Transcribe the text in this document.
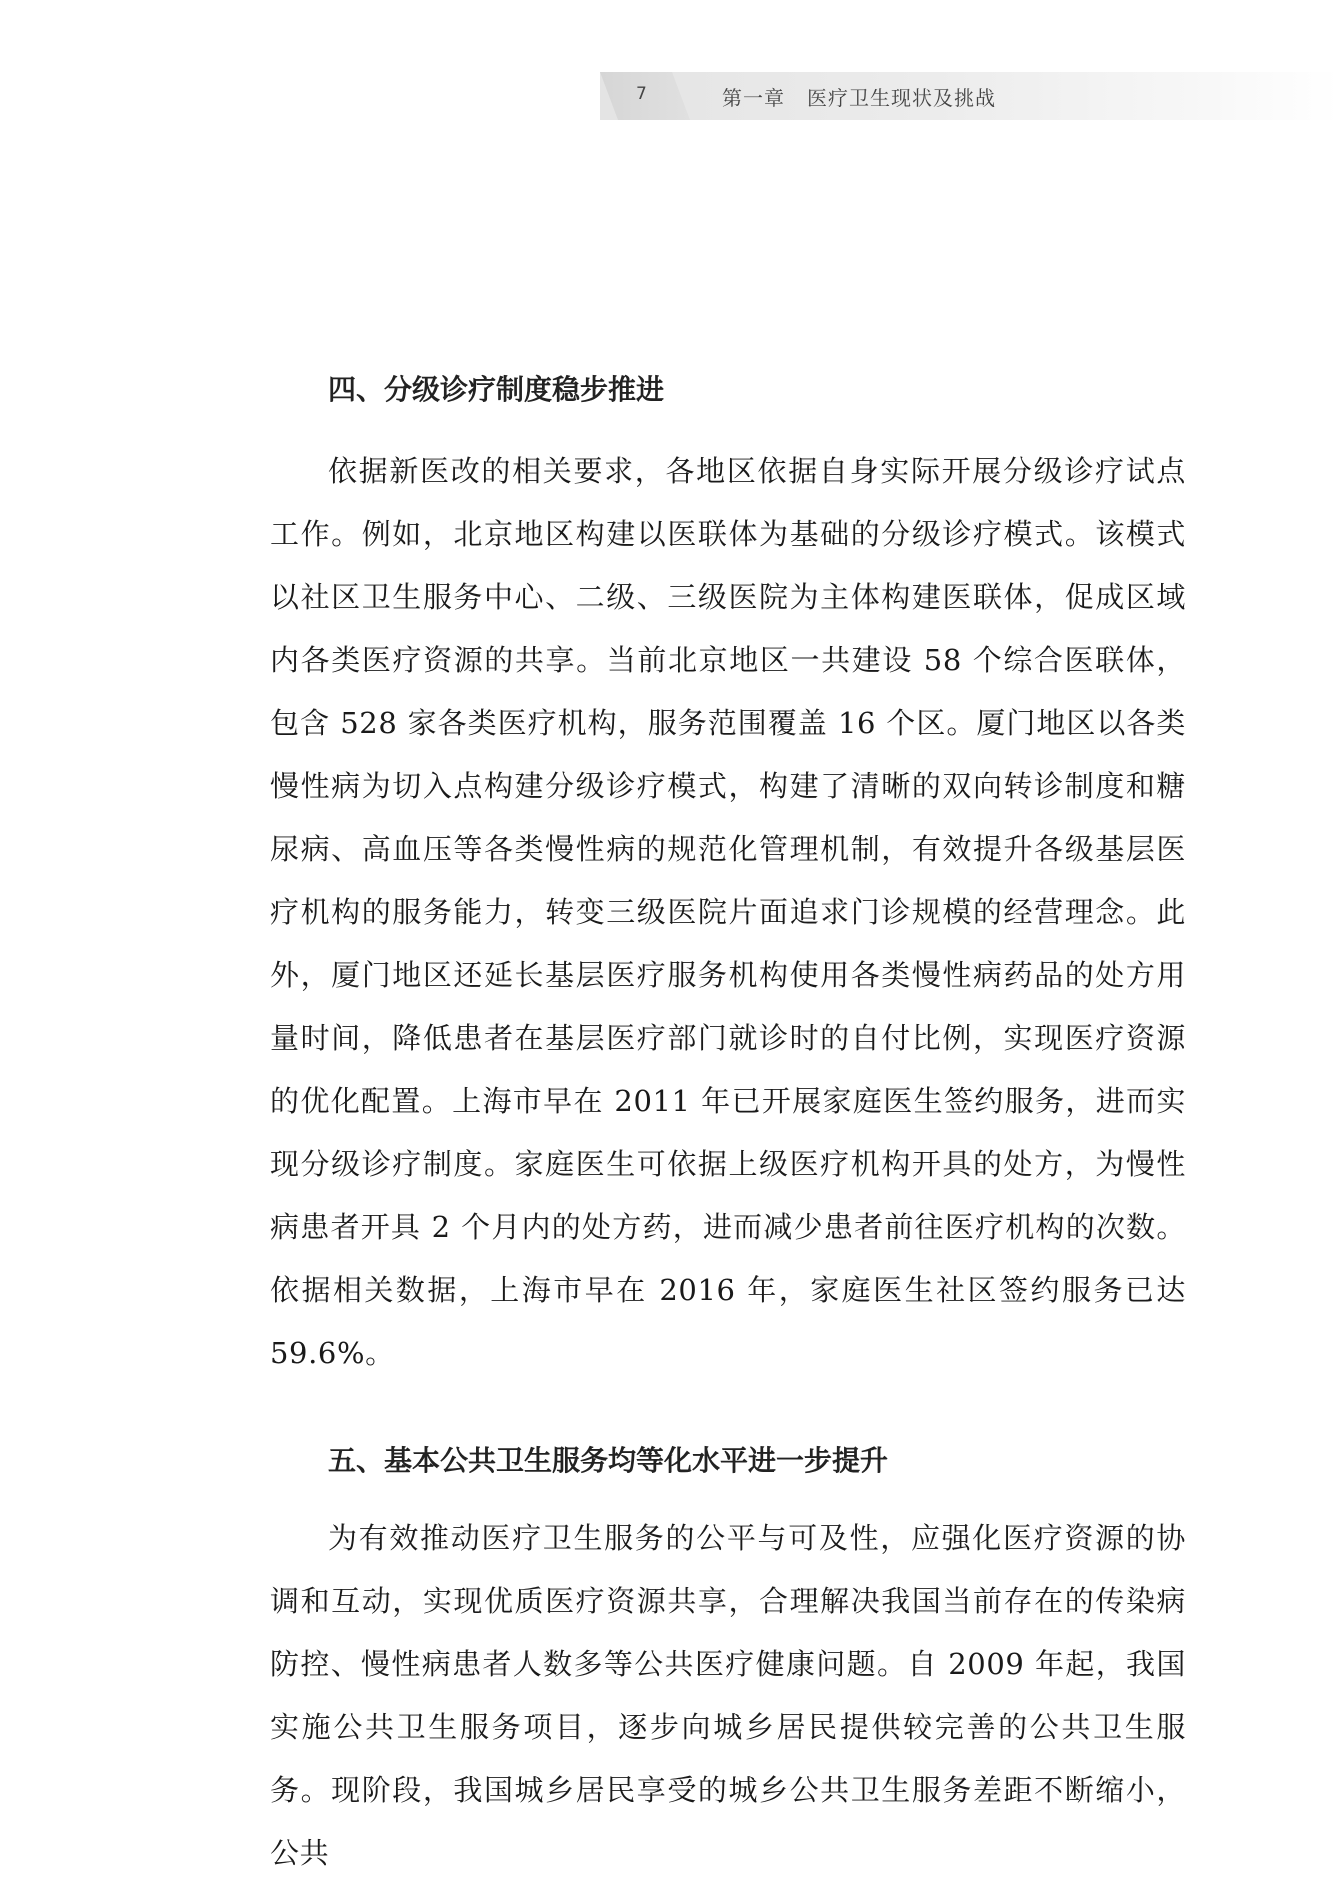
7	第一章 医疗卫生现状及挑战
四、分级诊疗制度稳步推进

依据新医改的相关要求，各地区依据自身实际开展分级诊疗试点工作。例如，北京地区构建以医联体为基础的分级诊疗模式。该模式以社区卫生服务中心、二级、三级医院为主体构建医联体，促成区域内各类医疗资源的共享。当前北京地区一共建设 58 个综合医联体，包含 528 家各类医疗机构，服务范围覆盖 16 个区。厦门地区以各类慢性病为切入点构建分级诊疗模式，构建了清晰的双向转诊制度和糖尿病、高血压等各类慢性病的规范化管理机制，有效提升各级基层医疗机构的服务能力，转变三级医院片面追求门诊规模的经营理念。此外，厦门地区还延长基层医疗服务机构使用各类慢性病药品的处方用量时间，降低患者在基层医疗部门就诊时的自付比例，实现医疗资源的优化配置。上海市早在 2011 年已开展家庭医生签约服务，进而实现分级诊疗制度。家庭医生可依据上级医疗机构开具的处方，为慢性病患者开具 2 个月内的处方药，进而减少患者前往医疗机构的次数。依据相关数据，上海市早在 2016 年，家庭医生社区签约服务已达 59.6%。

五、基本公共卫生服务均等化水平进一步提升

为有效推动医疗卫生服务的公平与可及性，应强化医疗资源的协调和互动，实现优质医疗资源共享，合理解决我国当前存在的传染病防控、慢性病患者人数多等公共医疗健康问题。自 2009 年起，我国实施公共卫生服务项目，逐步向城乡居民提供较完善的公共卫生服务。现阶段，我国城乡居民享受的城乡公共卫生服务差距不断缩小，公共
